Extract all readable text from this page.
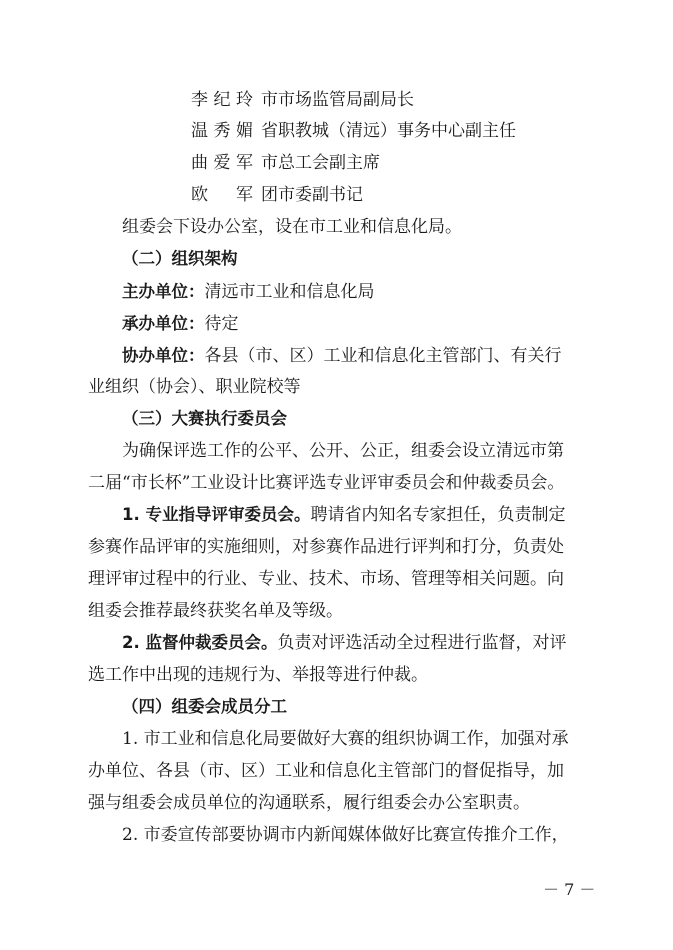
李纪玲 市市场监管局副局长
温秀媚 省职教城（清远）事务中心副主任
曲爱军 市总工会副主席
欧　军 团市委副书记
组委会下设办公室，设在市工业和信息化局。
（二）组织架构
主办单位：清远市工业和信息化局
承办单位：待定
协办单位：各县（市、区）工业和信息化主管部门、有关行
业组织（协会）、职业院校等
（三）大赛执行委员会
为确保评选工作的公平、公开、公正，组委会设立清远市第
二届“市长杯”工业设计比赛评选专业评审委员会和仲裁委员会。
1. 专业指导评审委员会。聘请省内知名专家担任，负责制定
参赛作品评审的实施细则，对参赛作品进行评判和打分，负责处
理评审过程中的行业、专业、技术、市场、管理等相关问题。向
组委会推荐最终获奖名单及等级。
2. 监督仲裁委员会。负责对评选活动全过程进行监督，对评
选工作中出现的违规行为、举报等进行仲裁。
（四）组委会成员分工
1. 市工业和信息化局要做好大赛的组织协调工作，加强对承
办单位、各县（市、区）工业和信息化主管部门的督促指导，加
强与组委会成员单位的沟通联系，履行组委会办公室职责。
2. 市委宣传部要协调市内新闻媒体做好比赛宣传推介工作，
－ 7 －
